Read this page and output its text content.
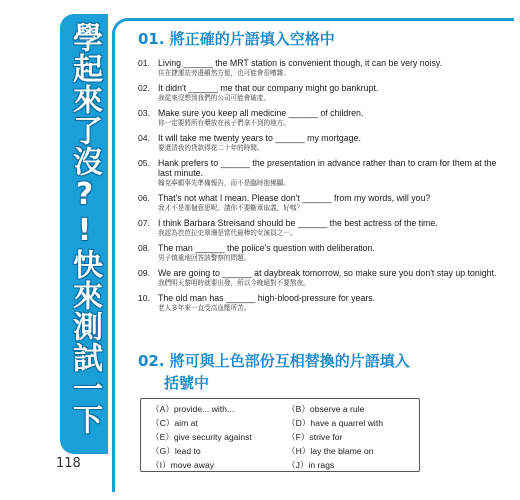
學起來了沒?!快來測試一下
118
01. 將正確的片語填入空格中
01. Living ______ the MRT station is convenient though, it can be very noisy.
住在捷運站旁邊雖然方便，也可能會很嘈雜。
02. It didn't ______ me that our company might go bankrupt.
我從來沒想到我們的公司可能會破產。
03. Make sure you keep all medicine ______ of children.
你一定要將所有藥放在孩子們拿不到的地方。
04. It will take me twenty years to ______ my mortgage.
要還清我的貸款得花二十年的時間。
05. Hank prefers to ______ the presentation in advance rather than to cram for them at the last minute.
翰克寧願事先準備報告，而不是臨時抱佛腳。
06. That's not what I mean. Please don't ______ from my words, will you?
我才不是那個意思呢。請你不要斷章取義，好嗎？
07. I think Barbara Streisand should be ______ the best actress of the time.
我認為芭芭拉史翠珊是當代最棒的女演員之一。
08. The man ______ the police's question with deliberation.
男子慎重地回答該警察的問題。
09. We are going to ______ at daybreak tomorrow, so make sure you don't stay up tonight.
我們明天黎明時就要出發，所以今晚絕對不要熬夜。
10. The old man has ______ high-blood-pressure for years.
老人多年來一直受高血壓所苦。
02. 將可與上色部份互相替換的片語填入
括號中
（A）provide... with...	（B）observe a rule
（C）aim at	（D）have a quarrel with
（E）give security against	（F）strive for
（G）lead to	（H）lay the blame on
（I）move away	（J）in rags
